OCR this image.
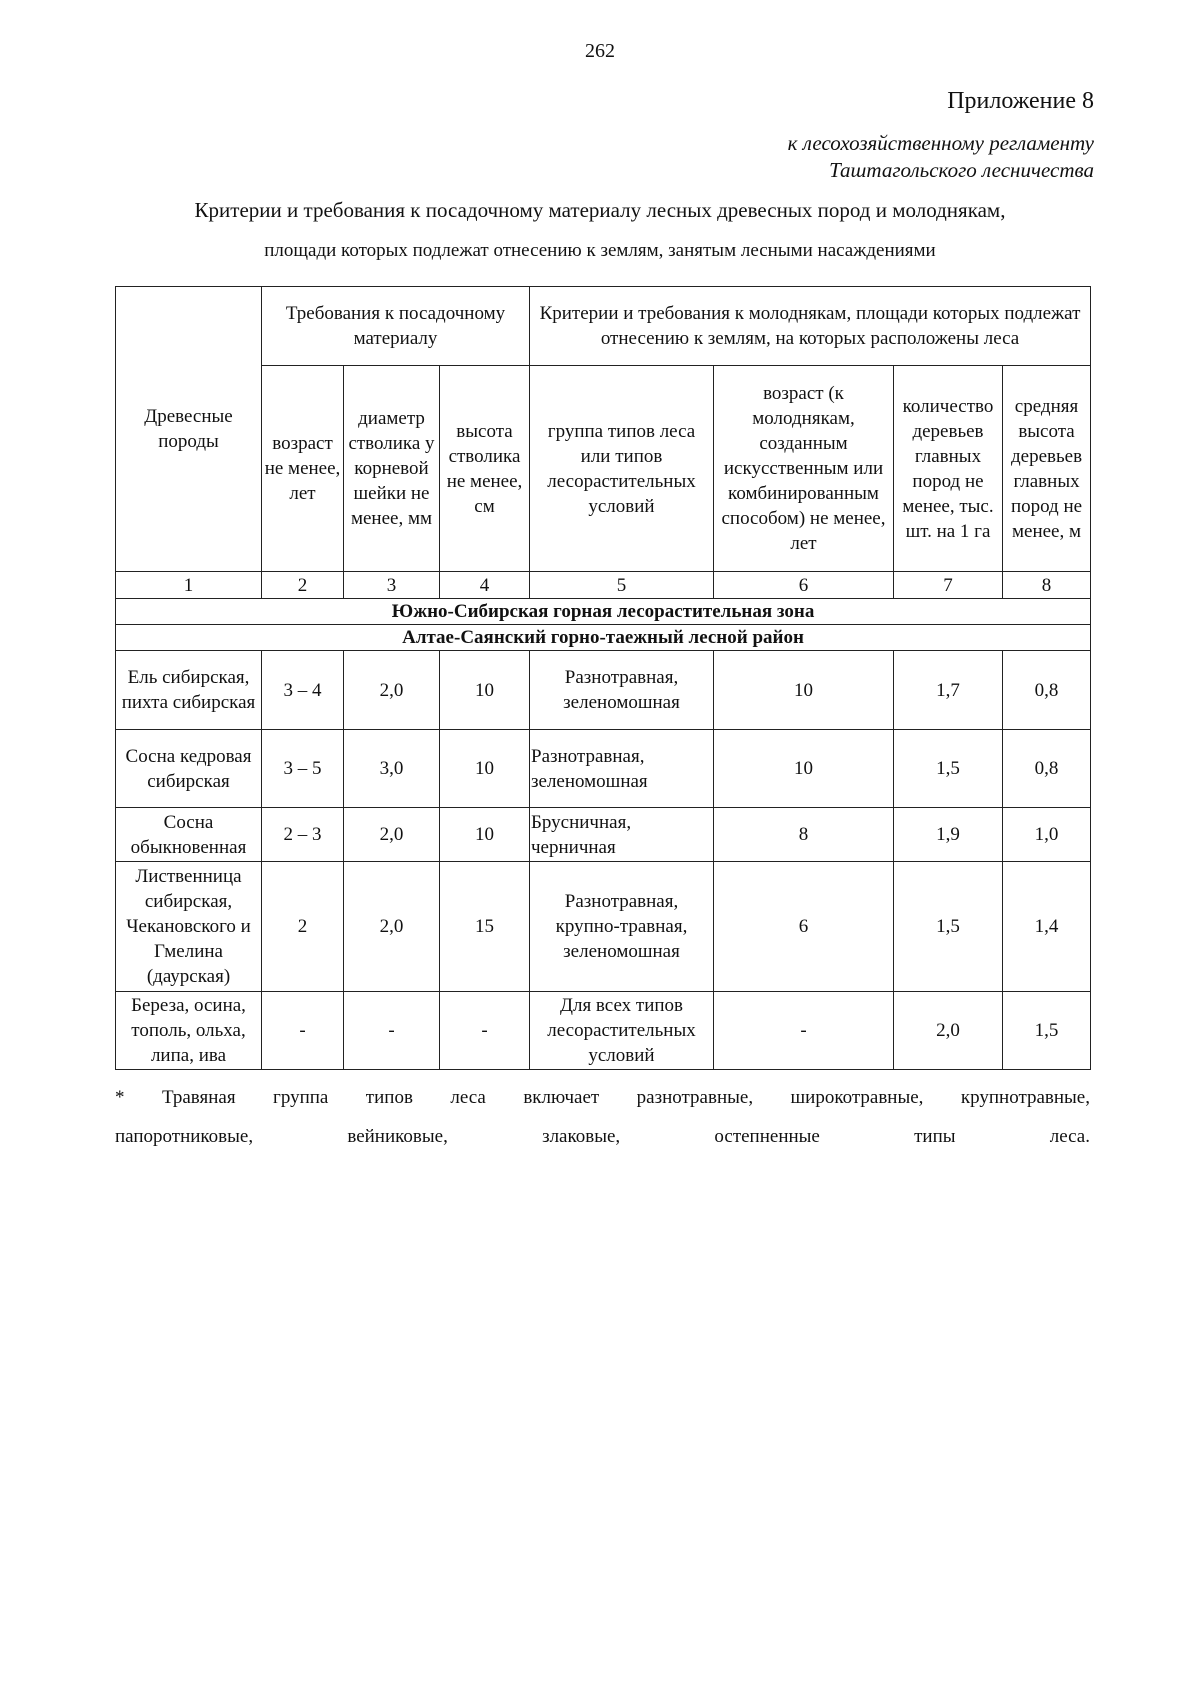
262
Приложение 8
к лесохозяйственному регламенту
Таштагольского лесничества
Критерии и требования к посадочному материалу лесных древесных пород и молоднякам,
площади которых подлежат отнесению к землям, занятым лесными насаждениями
Древесные породы	Требования к посадочному материалу			Критерии и требования к молоднякам, площади которых подлежат отнесению к землям, на которых расположены леса			
	возраст не менее, лет	диаметр стволика у корневой шейки не менее, мм	высота стволика не менее, см	группа типов леса или типов лесорастительных условий	возраст (к молоднякам, созданным искусственным или комбинированным способом) не менее, лет	количество деревьев главных пород не менее, тыс. шт. на 1 га	средняя высота деревьев главных пород не менее, м
1	2	3	4	5	6	7	8
Южно-Сибирская горная лесорастительная зона							
Алтае-Саянский горно-таежный лесной район							
Ель сибирская, пихта сибирская	3 – 4	2,0	10	Разнотравная, зеленомошная	10	1,7	0,8
Сосна кедровая сибирская	3 – 5	3,0	10	Разнотравная, зеленомошная	10	1,5	0,8
Сосна обыкновенная	2 – 3	2,0	10	Брусничная, черничная	8	1,9	1,0
Лиственница сибирская, Чекановского и Гмелина (даурская)	2	2,0	15	Разнотравная, крупно-травная, зеленомошная	6	1,5	1,4
Береза, осина, тополь, ольха, липа, ива	-	-	-	Для всех типов лесорастительных условий	-	2,0	1,5
* Травяная группа типов леса включает разнотравные, широкотравные, крупнотравные,
папоротниковые, вейниковые, злаковые, остепненные типы леса.
